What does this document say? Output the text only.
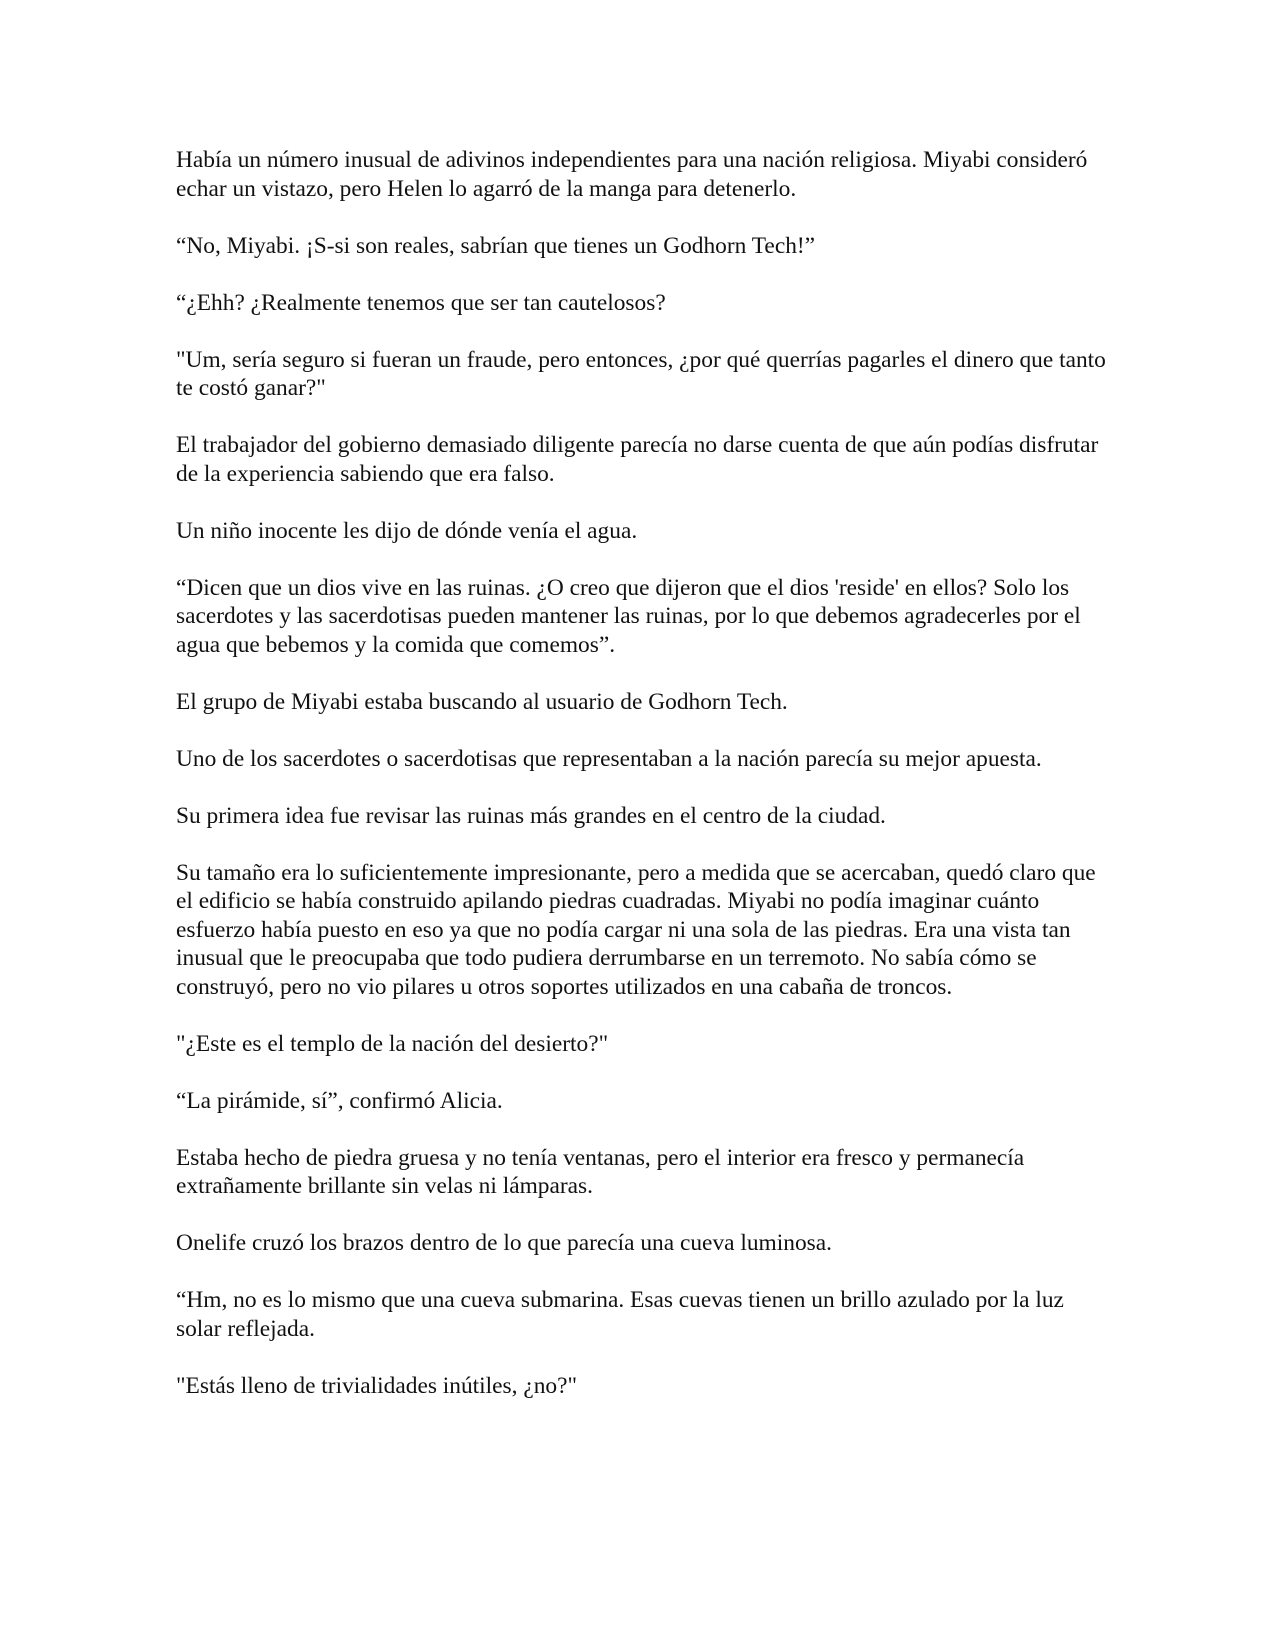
Había un número inusual de adivinos independientes para una nación religiosa. Miyabi consideró echar un vistazo, pero Helen lo agarró de la manga para detenerlo.

“No, Miyabi. ¡S-si son reales, sabrían que tienes un Godhorn Tech!”

“¿Ehh? ¿Realmente tenemos que ser tan cautelosos?

"Um, sería seguro si fueran un fraude, pero entonces, ¿por qué querrías pagarles el dinero que tanto te costó ganar?"

El trabajador del gobierno demasiado diligente parecía no darse cuenta de que aún podías disfrutar de la experiencia sabiendo que era falso.

Un niño inocente les dijo de dónde venía el agua.

“Dicen que un dios vive en las ruinas. ¿O creo que dijeron que el dios 'reside' en ellos? Solo los sacerdotes y las sacerdotisas pueden mantener las ruinas, por lo que debemos agradecerles por el agua que bebemos y la comida que comemos”.

El grupo de Miyabi estaba buscando al usuario de Godhorn Tech.

Uno de los sacerdotes o sacerdotisas que representaban a la nación parecía su mejor apuesta.

Su primera idea fue revisar las ruinas más grandes en el centro de la ciudad.

Su tamaño era lo suficientemente impresionante, pero a medida que se acercaban, quedó claro que el edificio se había construido apilando piedras cuadradas. Miyabi no podía imaginar cuánto esfuerzo había puesto en eso ya que no podía cargar ni una sola de las piedras. Era una vista tan inusual que le preocupaba que todo pudiera derrumbarse en un terremoto. No sabía cómo se construyó, pero no vio pilares u otros soportes utilizados en una cabaña de troncos.

"¿Este es el templo de la nación del desierto?"

“La pirámide, sí”, confirmó Alicia.

Estaba hecho de piedra gruesa y no tenía ventanas, pero el interior era fresco y permanecía extrañamente brillante sin velas ni lámparas.

Onelife cruzó los brazos dentro de lo que parecía una cueva luminosa.

“Hm, no es lo mismo que una cueva submarina. Esas cuevas tienen un brillo azulado por la luz solar reflejada.

"Estás lleno de trivialidades inútiles, ¿no?"
